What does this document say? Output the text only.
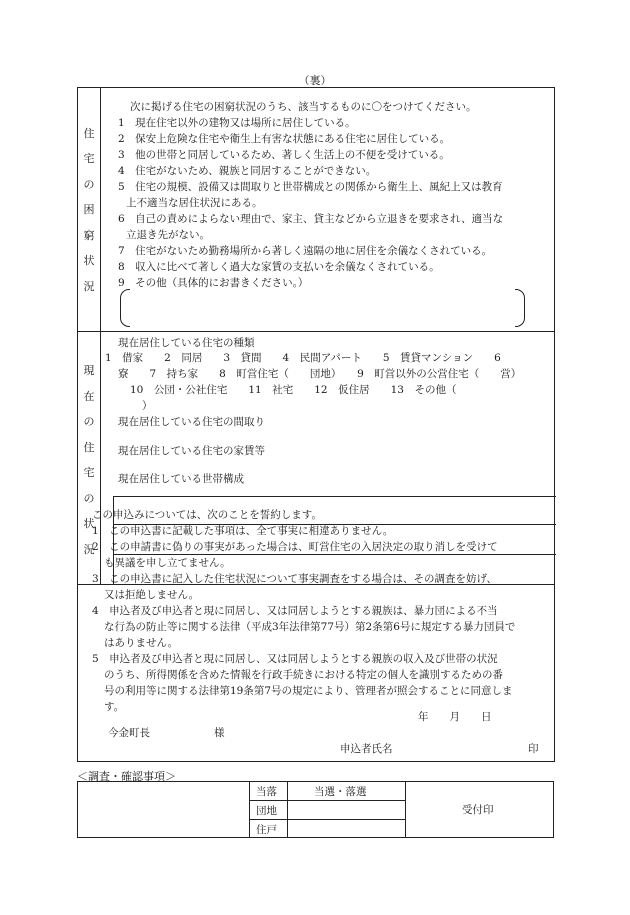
（裏）
住
宅
の
困
窮
状
況
次に掲げる住宅の困窮状況のうち、該当するものに〇をつけてください。
1　現在住宅以外の建物又は場所に居住している。
2　保安上危険な住宅や衛生上有害な状態にある住宅に居住している。
3　他の世帯と同居しているため、著しく生活上の不便を受けている。
4　住宅がないため、親族と同居することができない。
5　住宅の規模、設備又は間取りと世帯構成との関係から衛生上、風紀上又は教育
上不適当な居住状況にある。
6　自己の責めによらない理由で、家主、貸主などから立退きを要求され、適当な
立退き先がない。
7　住宅がないため勤務場所から著しく遠隔の地に居住を余儀なくされている。
8　収入に比べて著しく過大な家賃の支払いを余儀なくされている。
9　その他（具体的にお書きください。）
現
在
の
住
宅
の
状
況
現在居住している住宅の種類
1　借家　　2　同居　　3　貸間　　4　民間アパート　　5　賃貸マンション　　6
寮　　7　持ち家　　8　町営住宅（　　団地）　　9　町営以外の公営住宅（　　営）
10　公団・公社住宅　　11　社宅　　12　仮住居　　13　その他（
）
現在居住している住宅の間取り
現在居住している住宅の家賃等
現在居住している世帯構成
この申込みについては、次のことを誓約します。
1　この申込書に記載した事項は、全て事実に相違ありません。
2　この申請書に偽りの事実があった場合は、町営住宅の入居決定の取り消しを受けて
も異議を申し立てません。
3　この申込書に記入した住宅状況について事実調査をする場合は、その調査を妨げ、
又は拒絶しません。
4　申込者及び申込者と現に同居し、又は同居しようとする親族は、暴力団による不当
な行為の防止等に関する法律（平成3年法律第77号）第2条第6号に規定する暴力団員で
はありません。
5　申込者及び申込者と現に同居し、又は同居しようとする親族の収入及び世帯の状況
のうち、所得関係を含めた情報を行政手続きにおける特定の個人を識別するための番
号の利用等に関する法律第19条第7号の規定により、管理者が照会することに同意しま
す。
年　　月　　日
今金町長	様
申込者氏名	印
＜調査・確認事項＞
当落
団地
住戸
当選・落選
受付印
